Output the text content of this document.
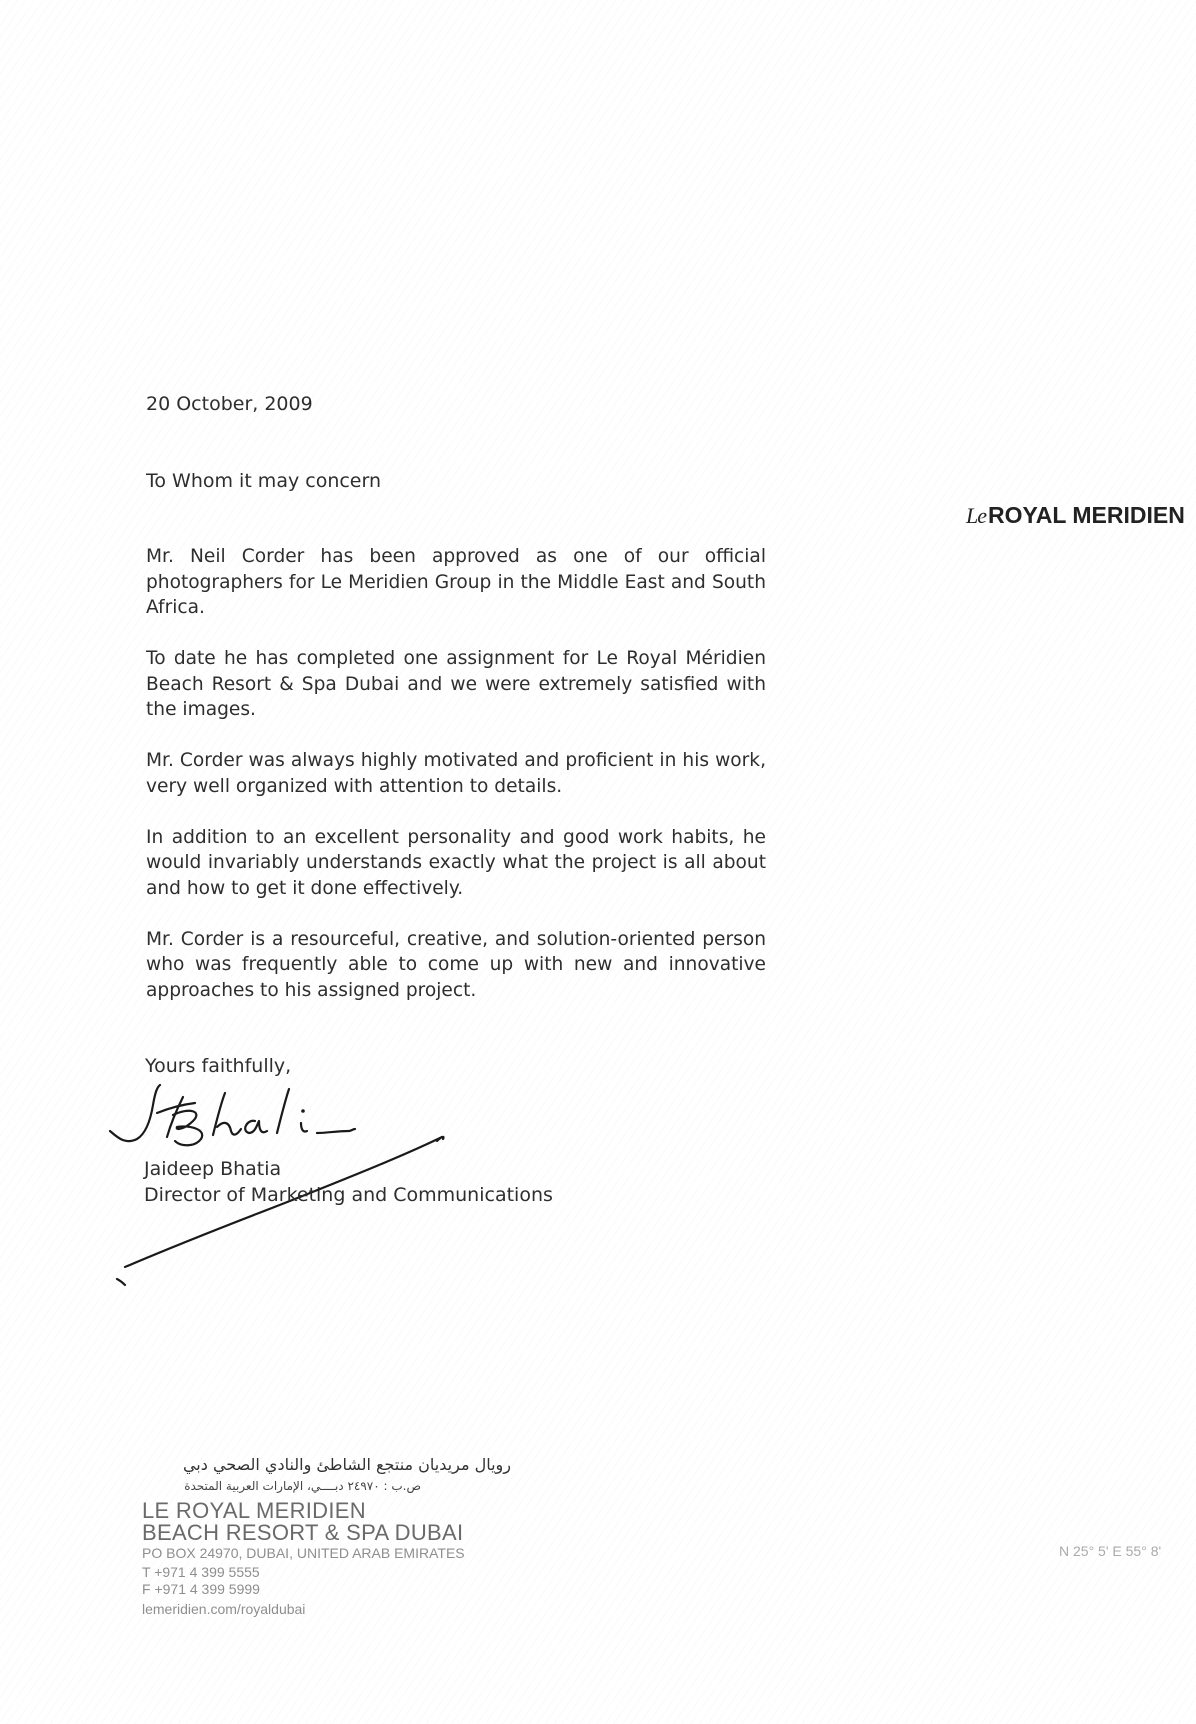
20 October, 2009
To Whom it may concern
LeROYAL MERIDIEN

Mr. Neil Corder has been approved as one of our official photographers for Le Meridien Group in the Middle East and South Africa.

To date he has completed one assignment for Le Royal Méridien Beach Resort & Spa Dubai and we were extremely satisfied with the images.

Mr. Corder was always highly motivated and proficient in his work, very well organized with attention to details.

In addition to an excellent personality and good work habits, he would invariably understands exactly what the project is all about and how to get it done effectively.

Mr. Corder is a resourceful, creative, and solution-oriented person who was frequently able to come up with new and innovative approaches to his assigned project.

Yours faithfully,
Jaideep Bhatia
Director of Marketing and Communications
رويال مريديان منتجع الشاطئ والنادي الصحي دبي
ص.ب : ٢٤٩٧٠ دبــــي، الإمارات العربية المتحدة
LE ROYAL MERIDIEN
BEACH RESORT & SPA DUBAI
PO BOX 24970, DUBAI, UNITED ARAB EMIRATES
T +971 4 399 5555
F +971 4 399 5999
lemeridien.com/royaldubai
N 25° 5' E 55° 8'
